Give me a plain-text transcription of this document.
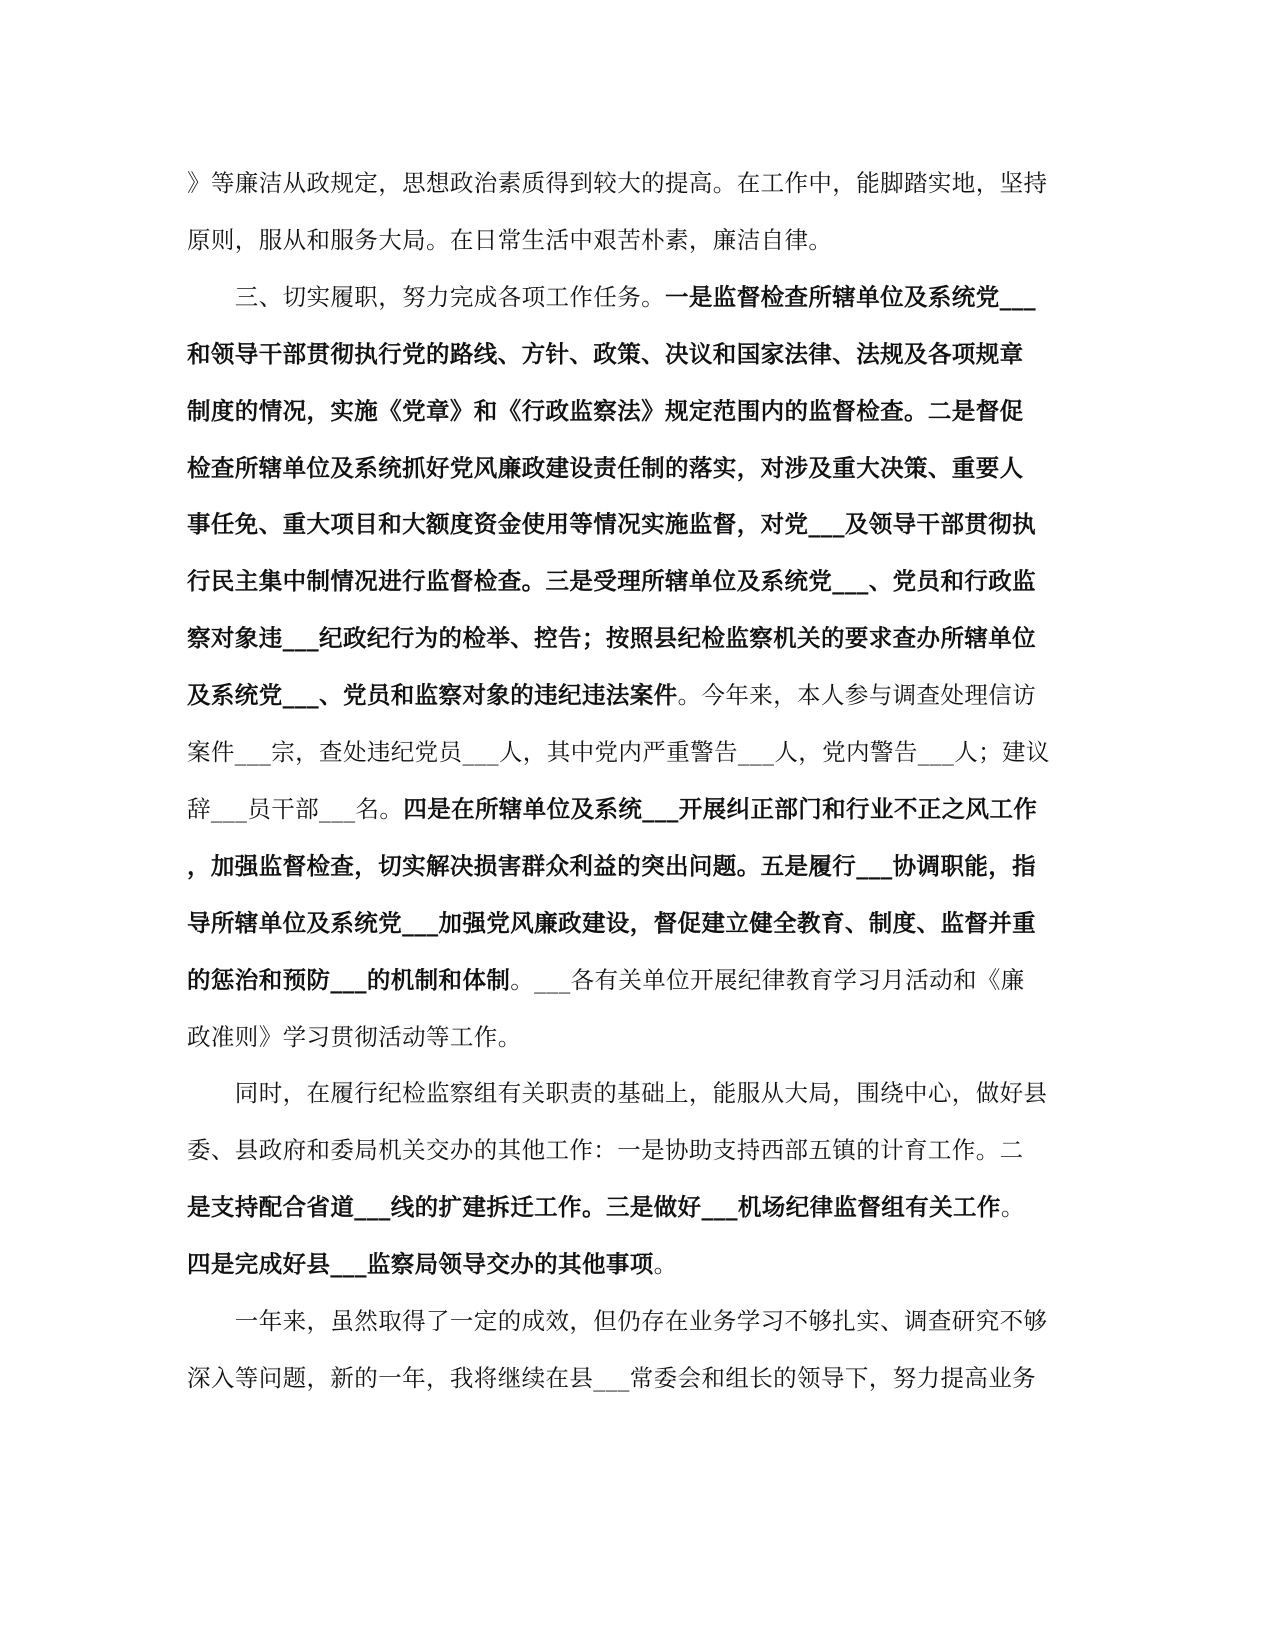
》等廉洁从政规定，思想政治素质得到较大的提高。在工作中，能脚踏实地，坚持
原则，服从和服务大局。在日常生活中艰苦朴素，廉洁自律。
　　三、切实履职，努力完成各项工作任务。一是监督检查所辖单位及系统党___
和领导干部贯彻执行党的路线、方针、政策、决议和国家法律、法规及各项规章
制度的情况，实施《党章》和《行政监察法》规定范围内的监督检查。二是督促
检查所辖单位及系统抓好党风廉政建设责任制的落实，对涉及重大决策、重要人
事任免、重大项目和大额度资金使用等情况实施监督，对党___及领导干部贯彻执
行民主集中制情况进行监督检查。三是受理所辖单位及系统党___、党员和行政监
察对象违___纪政纪行为的检举、控告；按照县纪检监察机关的要求查办所辖单位
及系统党___、党员和监察对象的违纪违法案件。今年来，本人参与调查处理信访
案件___宗，查处违纪党员___人，其中党内严重警告___人，党内警告___人；建议
辞___员干部___名。四是在所辖单位及系统___开展纠正部门和行业不正之风工作
，加强监督检查，切实解决损害群众利益的突出问题。五是履行___协调职能，指
导所辖单位及系统党___加强党风廉政建设，督促建立健全教育、制度、监督并重
的惩治和预防___的机制和体制。___各有关单位开展纪律教育学习月活动和《廉
政准则》学习贯彻活动等工作。
　　同时，在履行纪检监察组有关职责的基础上，能服从大局，围绕中心，做好县
委、县政府和委局机关交办的其他工作：一是协助支持西部五镇的计育工作。二
是支持配合省道___线的扩建拆迁工作。三是做好___机场纪律监督组有关工作。
四是完成好县___监察局领导交办的其他事项。
　　一年来，虽然取得了一定的成效，但仍存在业务学习不够扎实、调查研究不够
深入等问题，新的一年，我将继续在县___常委会和组长的领导下，努力提高业务
